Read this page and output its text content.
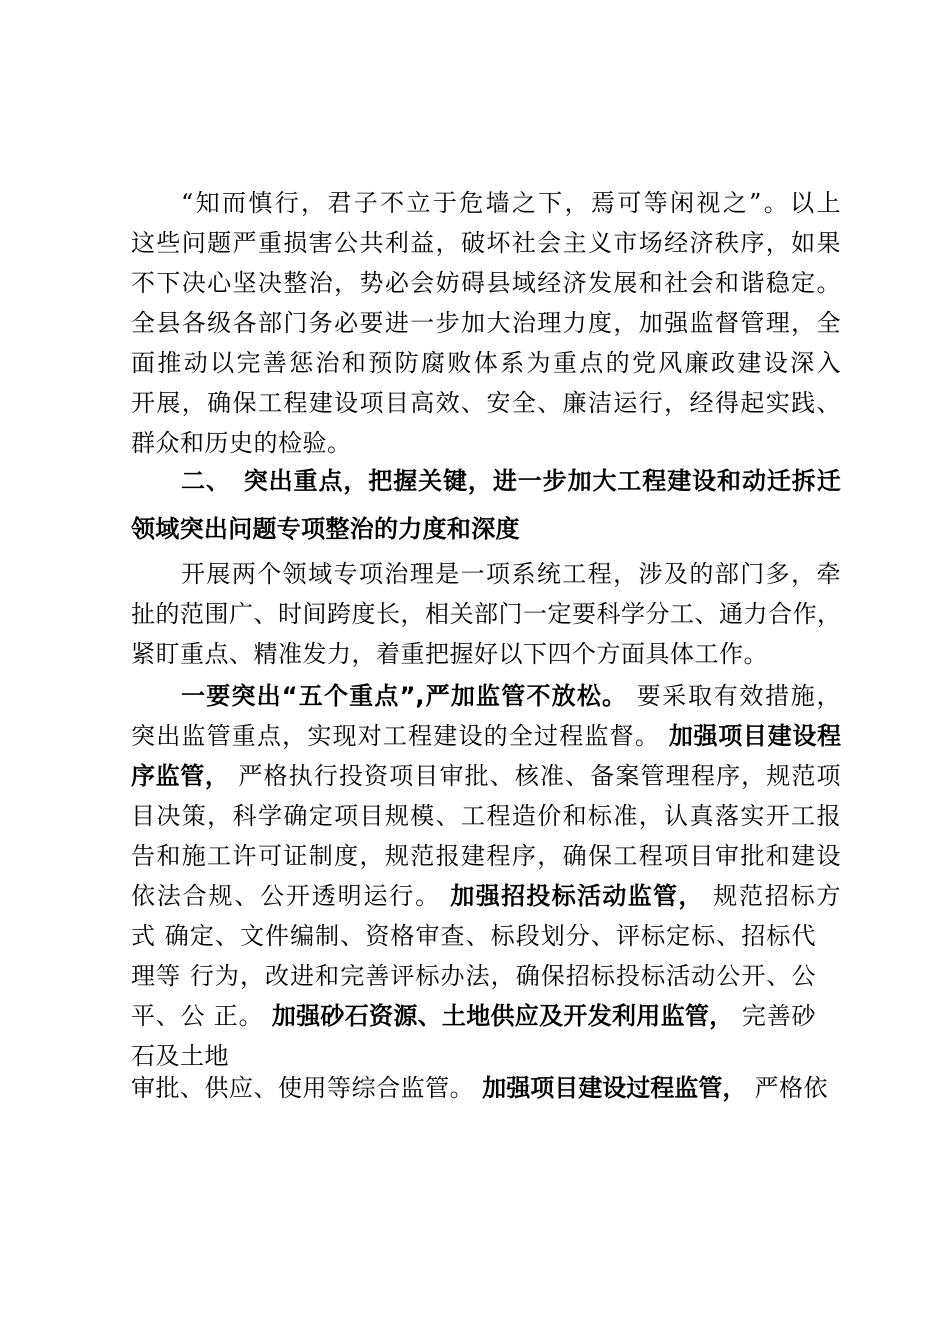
“知而慎行，君子不立于危墙之下，焉可等闲视之”。以上
这些问题严重损害公共利益，破坏社会主义市场经济秩序，如果
不下决心坚决整治，势必会妨碍县域经济发展和社会和谐稳定。
全县各级各部门务必要进一步加大治理力度，加强监督管理，全
面推动以完善惩治和预防腐败体系为重点的党风廉政建设深入
开展，确保工程建设项目高效、安全、廉洁运行，经得起实践、
群众和历史的检验。
二、　突出重点，把握关键，进一步加大工程建设和动迁拆迁
领域突出问题专项整治的力度和深度
开展两个领域专项治理是一项系统工程，涉及的部门多，牵
扯的范围广、时间跨度长，相关部门一定要科学分工、通力合作，
紧盯重点、精准发力，着重把握好以下四个方面具体工作。
一要突出“五个重点”,严加监管不放松。 要采取有效措施，
突出监管重点，实现对工程建设的全过程监督。 加强项目建设程
序监管， 严格执行投资项目审批、核准、备案管理程序，规范项
目决策，科学确定项目规模、工程造价和标准，认真落实开工报
告和施工许可证制度，规范报建程序，确保工程项目审批和建设
依法合规、公开透明运行。 加强招投标活动监管， 规范招标方
式 确定、文件编制、资格审查、标段划分、评标定标、招标代
理等 行为，改进和完善评标办法，确保招标投标活动公开、公
平、公 正。 加强砂石资源、土地供应及开发利用监管， 完善砂
石及土地
审批、供应、使用等综合监管。 加强项目建设过程监管， 严格依
